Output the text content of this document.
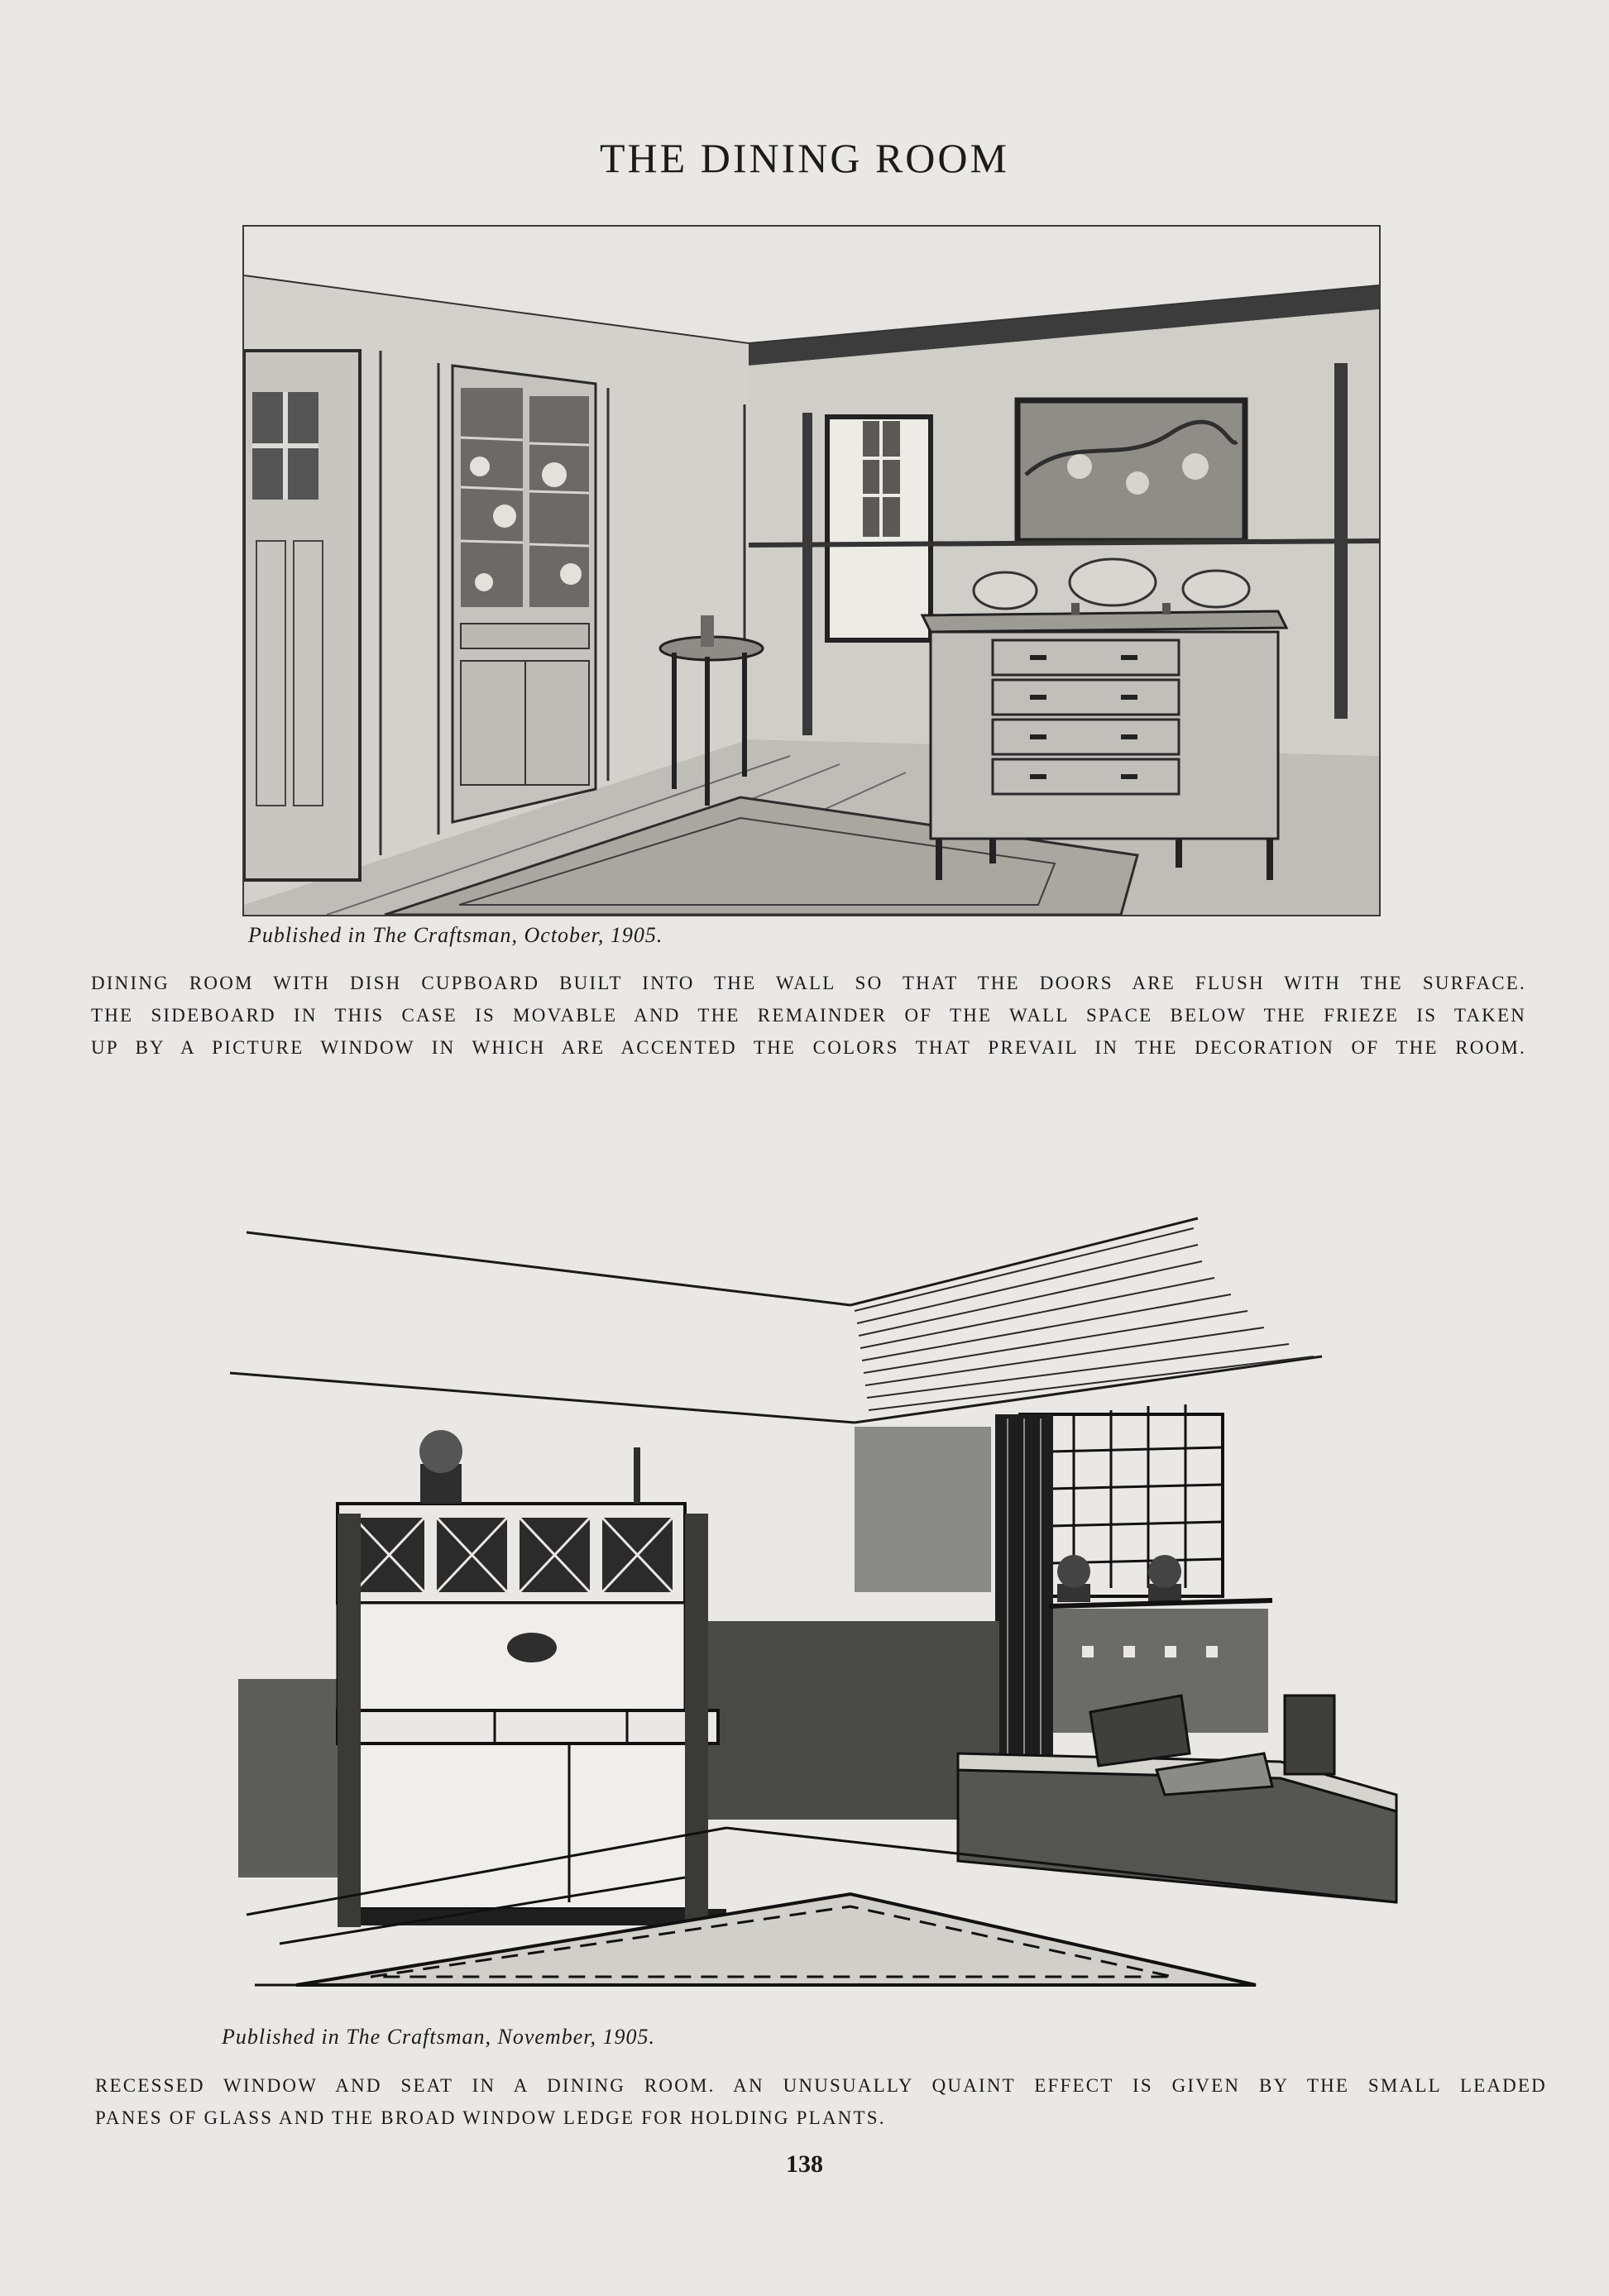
THE DINING ROOM
Published in The Craftsman, October, 1905.
DINING ROOM WITH DISH CUPBOARD BUILT INTO THE WALL SO THAT THE DOORS ARE FLUSH WITH THE SURFACE.
THE SIDEBOARD IN THIS CASE IS MOVABLE AND THE REMAINDER OF THE WALL SPACE BELOW THE FRIEZE IS TAKEN
UP BY A PICTURE WINDOW IN WHICH ARE ACCENTED THE COLORS THAT PREVAIL IN THE DECORATION OF THE ROOM.
Published in The Craftsman, November, 1905.
RECESSED WINDOW AND SEAT IN A DINING ROOM. AN UNUSUALLY QUAINT EFFECT IS GIVEN BY THE SMALL LEADED
PANES OF GLASS AND THE BROAD WINDOW LEDGE FOR HOLDING PLANTS.
138
